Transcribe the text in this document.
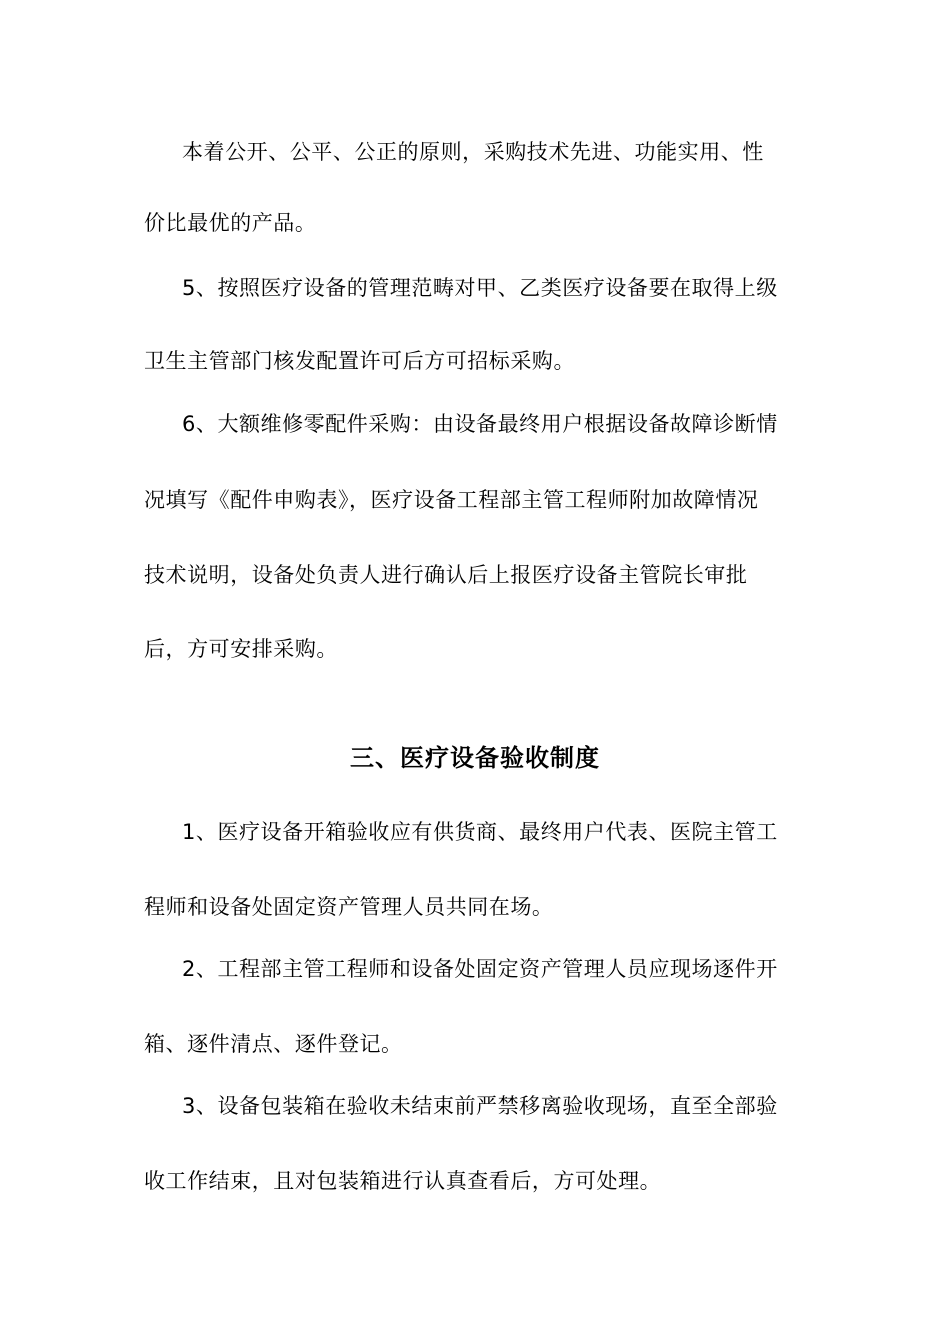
本着公开、公平、公正的原则，采购技术先进、功能实用、性
价比最优的产品。
5、按照医疗设备的管理范畴对甲、乙类医疗设备要在取得上级
卫生主管部门核发配置许可后方可招标采购。
6、大额维修零配件采购：由设备最终用户根据设备故障诊断情
况填写《配件申购表》，医疗设备工程部主管工程师附加故障情况
技术说明，设备处负责人进行确认后上报医疗设备主管院长审批
后，方可安排采购。
三、医疗设备验收制度
1、医疗设备开箱验收应有供货商、最终用户代表、医院主管工
程师和设备处固定资产管理人员共同在场。
2、工程部主管工程师和设备处固定资产管理人员应现场逐件开
箱、逐件清点、逐件登记。
3、设备包装箱在验收未结束前严禁移离验收现场，直至全部验
收工作结束，且对包装箱进行认真查看后，方可处理。
